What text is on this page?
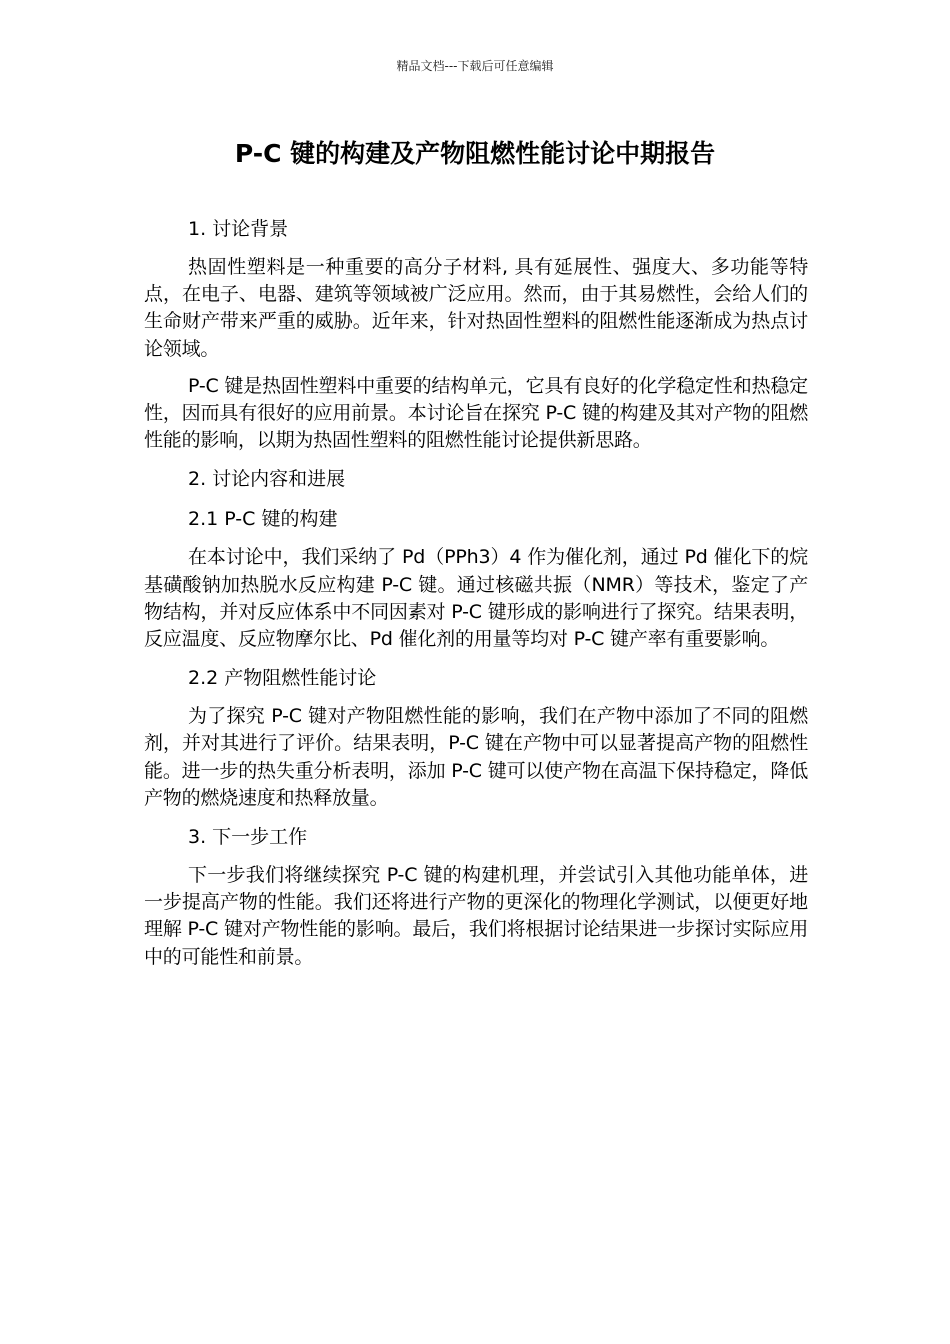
精品文档---下载后可任意编辑
P-C 键的构建及产物阻燃性能讨论中期报告
1. 讨论背景

热固性塑料是一种重要的高分子材料, 具有延展性、强度大、多功能等特点，在电子、电器、建筑等领域被广泛应用。然而，由于其易燃性，会给人们的生命财产带来严重的威胁。近年来，针对热固性塑料的阻燃性能逐渐成为热点讨论领域。

P-C 键是热固性塑料中重要的结构单元，它具有良好的化学稳定性和热稳定性，因而具有很好的应用前景。本讨论旨在探究 P-C 键的构建及其对产物的阻燃性能的影响，以期为热固性塑料的阻燃性能讨论提供新思路。

2. 讨论内容和进展
2.1 P-C 键的构建

在本讨论中，我们采纳了 Pd（PPh3）4 作为催化剂，通过 Pd 催化下的烷基磺酸钠加热脱水反应构建 P-C 键。通过核磁共振（NMR）等技术，鉴定了产物结构，并对反应体系中不同因素对 P-C 键形成的影响进行了探究。结果表明，反应温度、反应物摩尔比、Pd 催化剂的用量等均对 P-C 键产率有重要影响。

2.2 产物阻燃性能讨论

为了探究 P-C 键对产物阻燃性能的影响，我们在产物中添加了不同的阻燃剂，并对其进行了评价。结果表明，P-C 键在产物中可以显著提高产物的阻燃性能。进一步的热失重分析表明，添加 P-C 键可以使产物在高温下保持稳定，降低产物的燃烧速度和热释放量。

3. 下一步工作

下一步我们将继续探究 P-C 键的构建机理，并尝试引入其他功能单体，进一步提高产物的性能。我们还将进行产物的更深化的物理化学测试，以便更好地理解 P-C 键对产物性能的影响。最后，我们将根据讨论结果进一步探讨实际应用中的可能性和前景。
